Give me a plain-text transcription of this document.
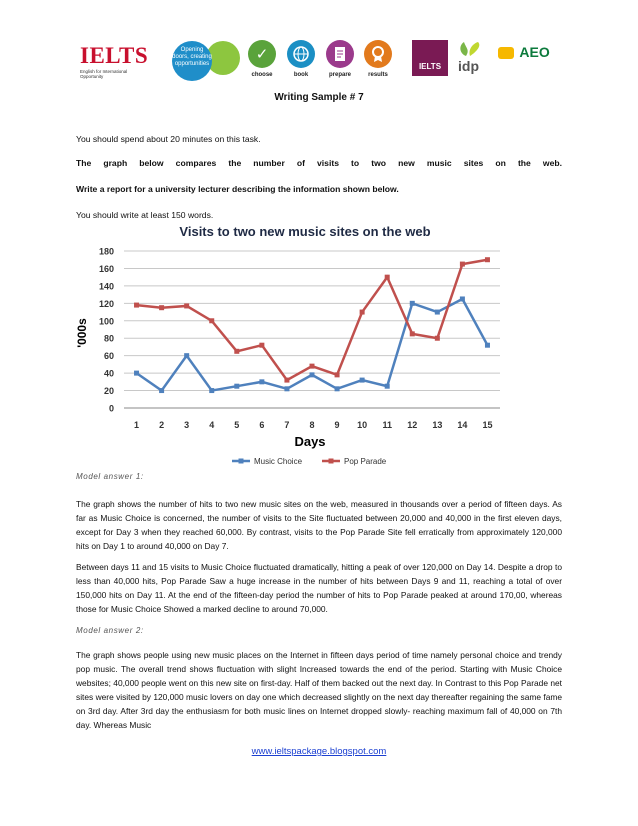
IELTS
English for International Opportunity
Opening doors, creating opportunities
✓
choose	book	prepare	results
IELTS	idp
AEO
Writing Sample # 7
You should spend about 20 minutes on this task.
The graph below compares the number of visits to two new music sites on the web.
Write a report for a university lecturer describing the information shown below.
You should write at least 150 words.
Visits to two new music sites on the web
0
20
40
60
80
100
120
140
160
180
1 2 3 4 5 6 7 8 9 10 11 12 13 14 15
'000s
Days
Music Choice	Pop Parade
Model answer 1:
The graph shows the number of hits to two new music sites on the web, measured in thousands over a period of fifteen days. As far as Music Choice is concerned, the number of visits to the Site fluctuated between 20,000 and 40,000 in the first eleven days, except for Day 3 when they reached 60,000. By contrast, visits to the Pop Parade Site fell erratically from approximately 120,000 hits on Day 1 to around 40,000 on Day 7.
Between days 11 and 15 visits to Music Choice fluctuated dramatically, hitting a peak of over 120,000 on Day 14. Despite a drop to less than 40,000 hits, Pop Parade Saw a huge increase in the number of hits between Days 9 and 11, reaching a total of over 150,000 hits on Day 11. At the end of the fifteen-day period the number of hits to Pop Parade peaked at around 170,00, whereas those for Music Choice Showed a marked decline to around 70,000.
Model answer 2:
The graph shows people using new music places on the Internet in fifteen days period of time namely personal choice and trendy pop music. The overall trend shows fluctuation with slight Increased towards the end of the period. Starting with Music Choice websites; 40,000 people went on this new site on first-day. Half of them backed out the next day. In Contrast to this Pop Parade net sites were visited by 120,000 music lovers on day one which decreased slightly on the next day thereafter regaining the same fame on 3rd day. After 3rd day the enthusiasm for both music lines on Internet dropped slowly- reaching maximum fall of 40,000 on 7th day. Whereas Music
www.ieltspackage.blogspot.com
